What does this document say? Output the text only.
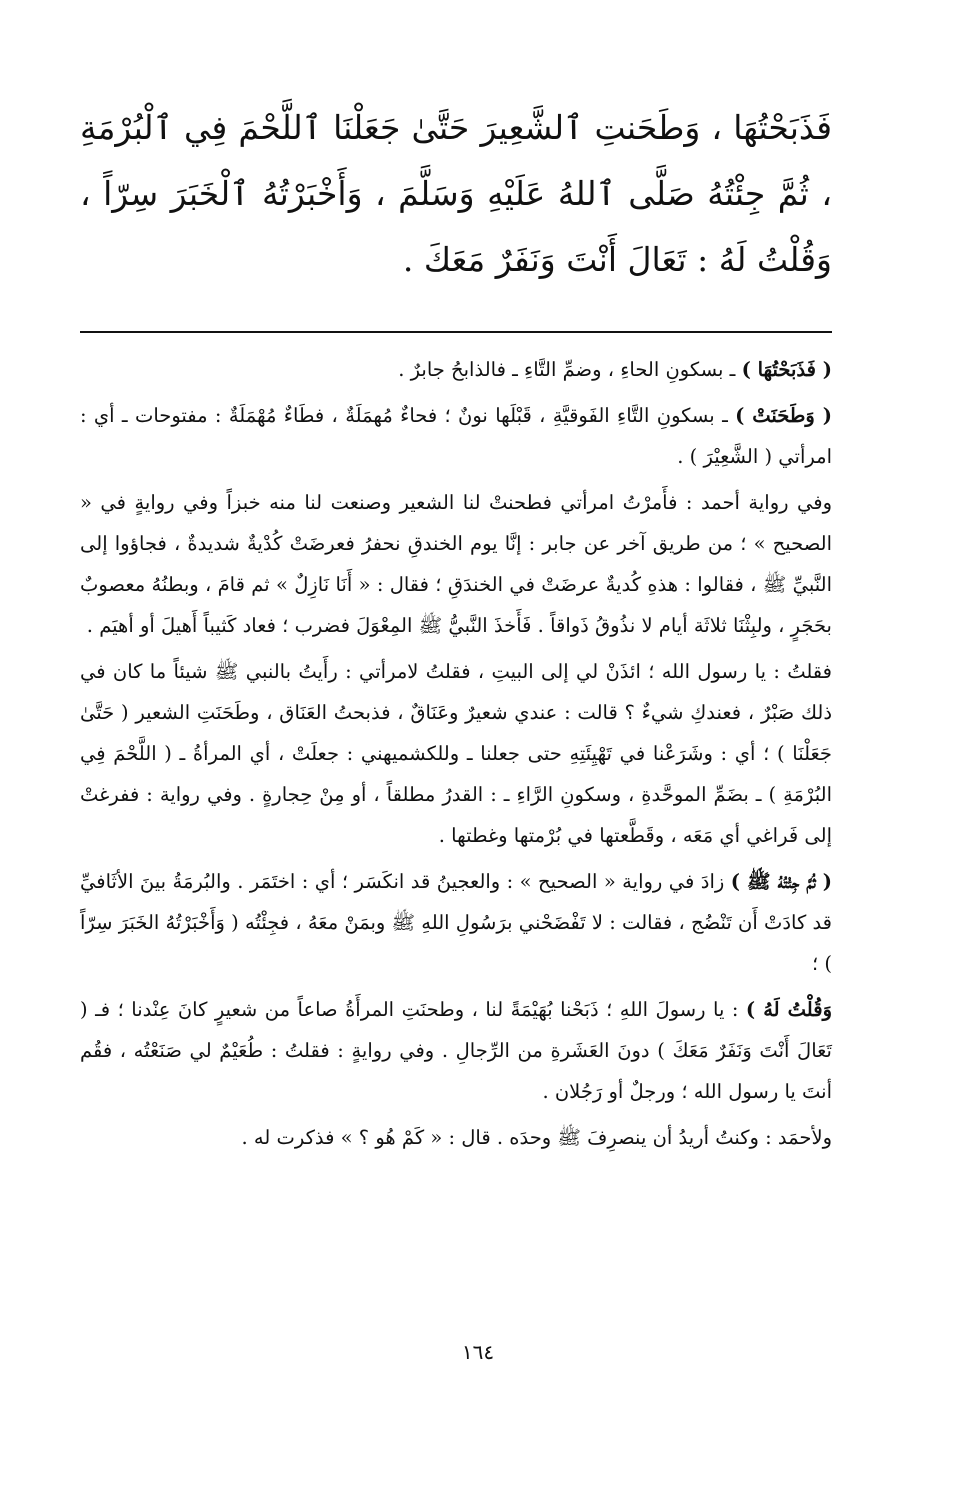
فَذَبَحْتُهَا ، وَطَحَنتِ ٱلشَّعِيرَ حَتَّىٰ جَعَلْنَا ٱللَّحْمَ فِي ٱلْبُرْمَةِ ، ثُمَّ جِئْتُهُ صَلَّى ٱللهُ عَلَيْهِ وَسَلَّمَ ، وَأَخْبَرْتُهُ ٱلْخَبَرَ سِرّاً ، وَقُلْتُ لَهُ : تَعَالَ أَنْتَ وَنَفَرٌ مَعَكَ .

( فَذَبَحْتُهَا ) ـ بسكونِ الحاءِ ، وضمِّ التَّاءِ ـ فالذابحُ جابرٌ .

( وَطَحَنَتْ ) ـ بسكونِ التَّاءِ الفَوقيَّةِ ، قَبْلَها نونٌ ؛ فحاءٌ مُهمَلَةٌ ، فطَاءٌ مُهْمَلَةٌ : مفتوحات ـ أي : امرأتي ( الشَّعِيْرَ ) .

وفي رواية أحمد : فأَمرْتُ امرأتي فطحنتْ لنا الشعير وصنعت لنا منه خبزاً وفي روايةٍ في « الصحيح » ؛ من طريق آخر عن جابر : إنَّا يوم الخندقِ نحفرُ فعرضَتْ كُدْيةٌ شديدةٌ ، فجاؤوا إلى النَّبيِّ ﷺ ، فقالوا : هذهِ كُديةٌ عرضَتْ في الخندَقِ ؛ فقال : « أَنَا نَازِلٌ » ثم قامَ ، وبطنُهُ معصوبٌ بحَجَرٍ ، ولبِثْنَا ثلاثَة أيام لا نذُوقُ ذَواقاً . فَأَخذَ النَّبيُّ ﷺ المِعْوَلَ فضرب ؛ فعاد كَثيباً أَهيلَ أو أهيَم .

فقلتُ : يا رسول الله ؛ ائذَنْ لي إلى البيتِ ، فقلتُ لامرأتي : رأَيتُ بالنبي ﷺ شيئاً ما كان في ذلك صَبْرٌ ، فعندكِ شيءٌ ؟ قالت : عندي شعيرٌ وعَنَاقٌ ، فذبحتُ العَنَاق ، وطَحَنَتِ الشعير ( حَتَّىٰ جَعَلْنَا ) ؛ أي : وشَرَعْنا في تَهْيِئَتِهِ حتى جعلنا ـ وللكشميهني : جعلَتْ ، أي المرأةُ ـ ( اللَّحْمَ فِي البُرْمَةِ ) ـ بضَمِّ الموحَّدةِ ، وسكونِ الرَّاءِ ـ : القدرُ مطلقاً ، أو مِنْ حِجارةٍ . وفي رواية : ففرغتْ إلى فَراغي أي مَعَه ، وقَطَّعتها في بُرْمتها وغطتها .

( ثُمَّ جِئْتُهُ ﷺ ) زادَ في رواية « الصحيح » : والعجينُ قد انكَسَر ؛ أي : اختَمَر . والبُرمَةُ بينَ الأثَافيِّ قد كادَتْ أَن تَنْضُج ، فقالت : لا تَفْضَحْني برَسُولِ اللهِ ﷺ وبمَنْ معَهُ ، فجِئْتُه ( وَأَخْبَرْتُهُ الخَبَرَ سِرّاً ) ؛

وَقُلْتُ لَهُ ) : يا رسولَ اللهِ ؛ ذَبَحْنا بُهَيْمَةً لنا ، وطحنَتِ المرأَةُ صاعاً من شعيرٍ كانَ عِنْدنا ؛ فـ ( تَعَالَ أَنْتَ وَنَفَرٌ مَعَكَ ) دونَ العَشَرةِ من الرِّجالِ . وفي روايةٍ : فقلتُ : طُعَيْمٌ لي صَنَعْتُه ، فقُم أنتَ يا رسول الله ؛ ورجلٌ أو رَجُلان .

ولأحمَد : وكنتُ أريدُ أن ينصرِفَ ﷺ وحدَه . قال : « كَمْ هُو ؟ » فذكرت له .

١٦٤
